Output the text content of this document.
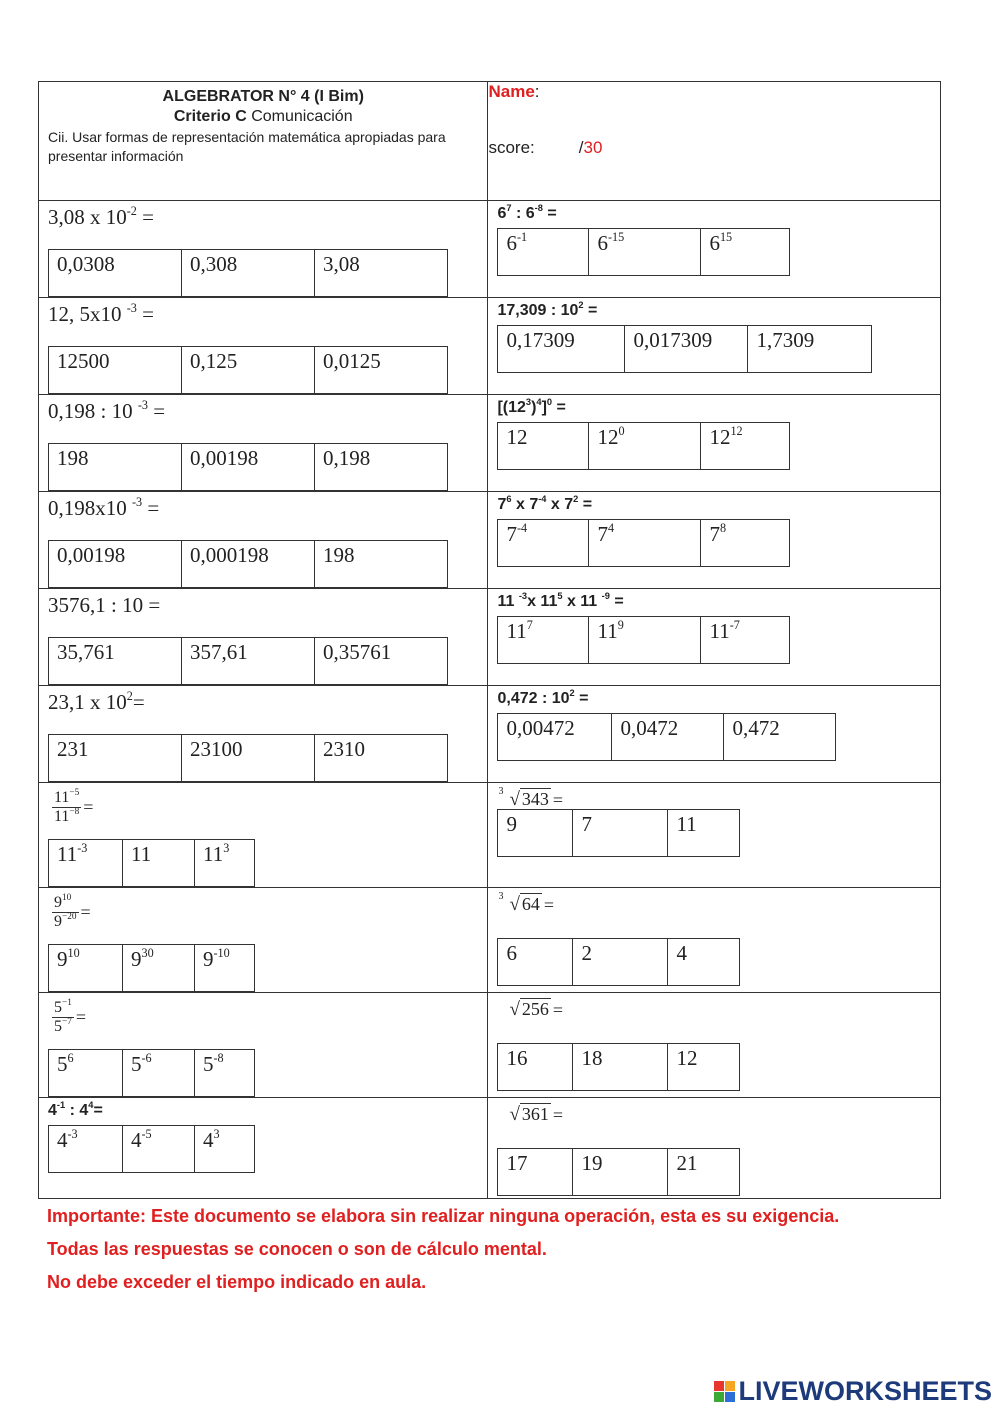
ALGEBRATOR N° 4 (I Bim)
Criterio C Comunicación
Cii. Usar formas de representación matemática apropiadas para presentar información

Name:
score:	/30

3,08 x $10^{-2}$ =
0,0308	0,308	3,08

$6^7$ : $6^{-8}$ =
$6^{-1}$	$6^{-15}$	$6^{15}$

12, 5x10 $^{-3}$ =
12500	0,125	0,0125

17,309 : $10^2$ =
0,17309	0,017309	1,7309

0,198 : 10 $^{-3}$ =
198	0,00198	0,198

$[(12^3)^4]^0$ =
12	$12^0$	$12^{12}$

0,198x10 $^{-3}$ =
0,00198	0,000198	198

$7^6$ x $7^{-4}$ x $7^2$ =
$7^{-4}$	$7^4$	$7^8$

3576,1 : 10 =
35,761	357,61	0,35761

11 $^{-3}$x $11^5$ x 11 $^{-9}$ =
$11^7$	$11^9$	$11^{-7}$

23,1 x $10^2=$
231	23100	2310

0,472 : $10^2$ =
0,00472	0,0472	0,472

$\frac{11^{-5}}{11^{-8}}$ =
$11^{-3}$	11	$11^3$

3 √ 343 =
9	7	11

$\frac{9^{10}}{9^{-20}}$ =
$9^{10}$	$9^{30}$	$9^{-10}$

3 √ 64 =
6	2	4

$\frac{5^{-1}}{5^{-7}}$ =
$5^6$	$5^{-6}$	$5^{-8}$

√ 256 =
16	18	12

$4^{-1}$ : $4^4=$
$4^{-3}$	$4^{-5}$	$4^3$

√ 361 =
17	19	21
Importante: Este documento se elabora sin realizar ninguna operación, esta es su exigencia.
Todas las respuestas se conocen o son de cálculo mental.
No debe exceder el tiempo indicado en aula.
LIVEWORKSHEETS
